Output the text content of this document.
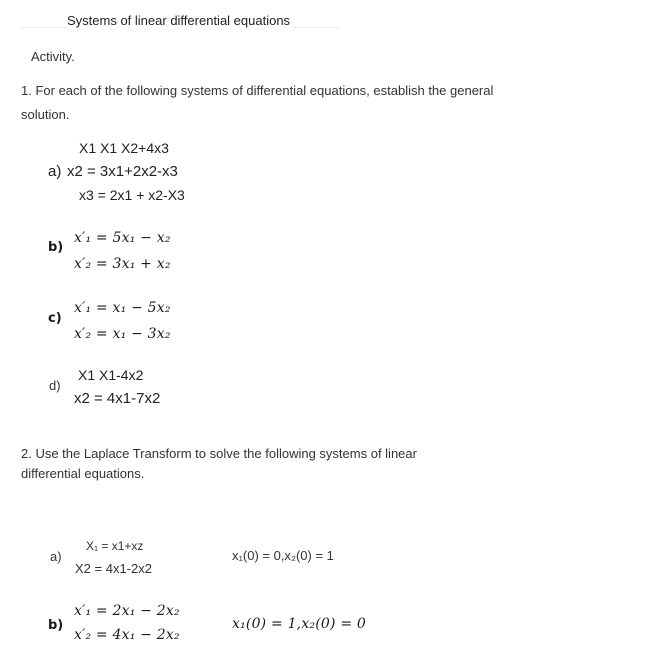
Systems of linear differential equations
Activity.
1. For each of the following systems of differential equations, establish the general
solution.
X1 X1 X2+4x3
a) x2 = 3x1+2x2-x3
x3 = 2x1 + x2-X3
b)
x′₁ = 5x₁ − x₂
x′₂ = 3x₁ + x₂
c)
x′₁ = x₁ − 5x₂
x′₂ = x₁ − 3x₂
X1 X1-4x2
d)
x2 = 4x1-7x2
2. Use the Laplace Transform to solve the following systems of linear
differential equations.
X₁ = x1+xz
a)
X2 = 4x1-2x2
x₁(0) = 0,x₂(0) = 1
b)
x′₁ = 2x₁ − 2x₂
x′₂ = 4x₁ − 2x₂
x₁(0) = 1,x₂(0) = 0
